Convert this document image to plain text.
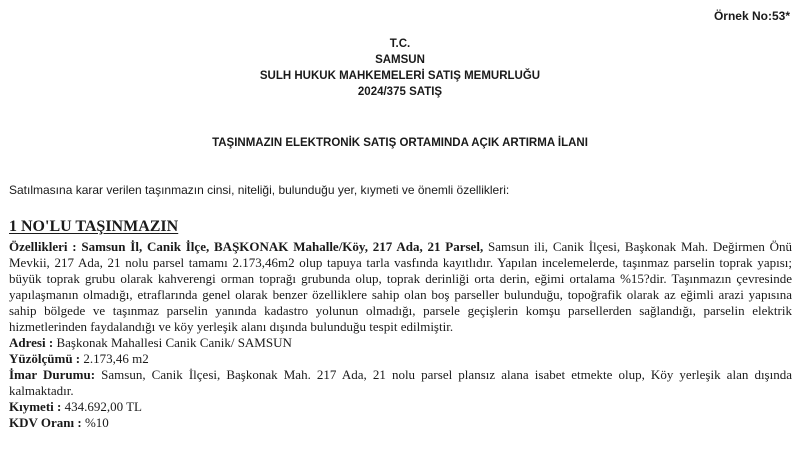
Örnek No:53*
T.C.
SAMSUN
SULH HUKUK MAHKEMELERİ SATIŞ MEMURLUĞU
2024/375 SATIŞ
TAŞINMAZIN ELEKTRONİK SATIŞ ORTAMINDA AÇIK ARTIRMA İLANI
Satılmasına karar verilen taşınmazın cinsi, niteliği, bulunduğu yer, kıymeti ve önemli özellikleri:
1 NO'LU TAŞINMAZIN

Özellikleri : Samsun İl, Canik İlçe, BAŞKONAK Mahalle/Köy, 217 Ada, 21 Parsel, Samsun ili, Canik İlçesi, Başkonak Mah. Değirmen Önü Mevkii, 217 Ada, 21 nolu parsel tamamı 2.173,46m2 olup tapuya tarla vasfında kayıtlıdır. Yapılan incelemelerde, taşınmaz parselin toprak yapısı; büyük toprak grubu olarak kahverengi orman toprağı grubunda olup, toprak derinliği orta derin, eğimi ortalama %15?dir. Taşınmazın çevresinde yapılaşmanın olmadığı, etraflarında genel olarak benzer özelliklere sahip olan boş parseller bulunduğu, topoğrafik olarak az eğimli arazi yapısına sahip bölgede ve taşınmaz parselin yanında kadastro yolunun olmadığı, parsele geçişlerin komşu parsellerden sağlandığı, parselin elektrik hizmetlerinden faydalandığı ve köy yerleşik alanı dışında bulunduğu tespit edilmiştir.

Adresi : Başkonak Mahallesi Canik Canik/ SAMSUN

Yüzölçümü : 2.173,46 m2

İmar Durumu: Samsun, Canik İlçesi, Başkonak Mah. 217 Ada, 21 nolu parsel plansız alana isabet etmekte olup, Köy yerleşik alan dışında kalmaktadır.

Kıymeti : 434.692,00 TL

KDV Oranı : %10
